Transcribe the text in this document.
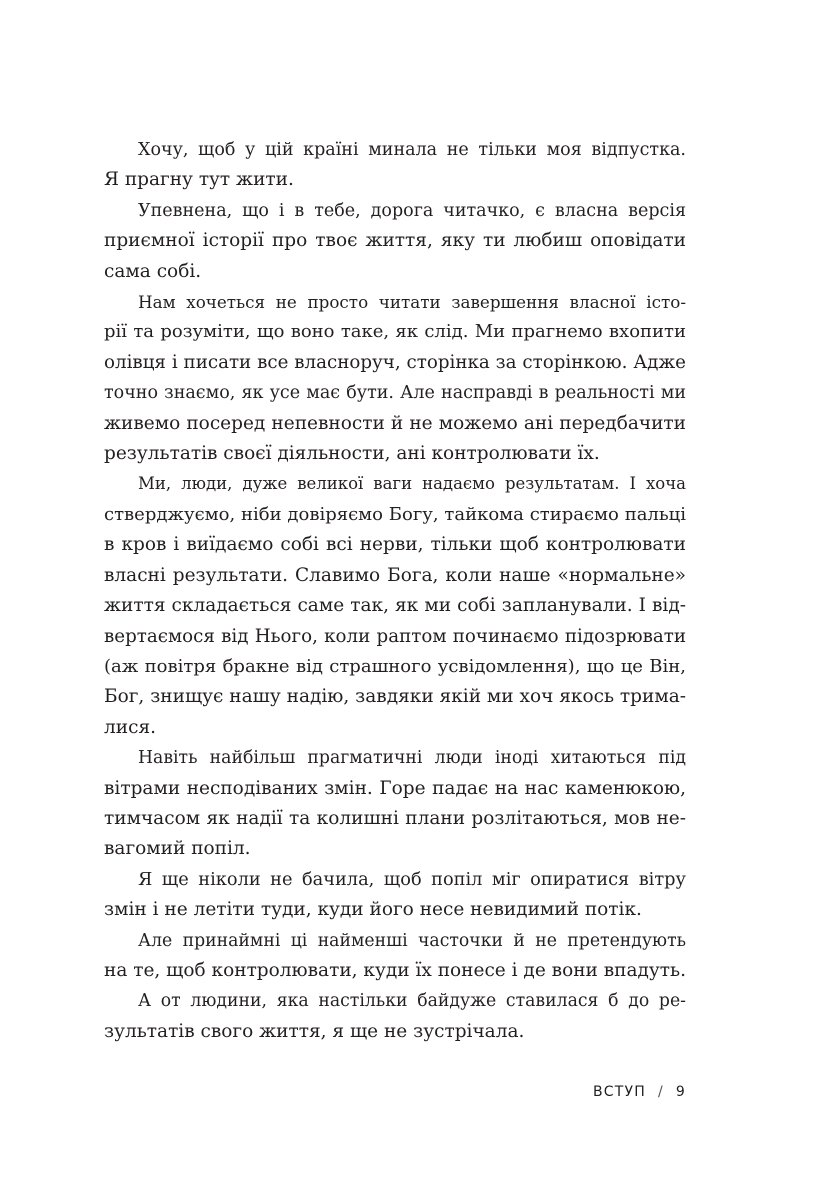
Хочу, щоб у цій країні минала не тільки моя відпустка.
Я прагну тут жити.
Упевнена, що і в тебе, дорога читачко, є власна версія
приємної історії про твоє життя, яку ти любиш оповідати
сама собі.
Нам хочеться не просто читати завершення власної істо-
рії та розуміти, що воно таке, як слід. Ми прагнемо вхопити
олівця і писати все власноруч, сторінка за сторінкою. Адже
точно знаємо, як усе має бути. Але насправді в реальності ми
живемо посеред непевности й не можемо ані передбачити
результатів своєї діяльности, ані контролювати їх.
Ми, люди, дуже великої ваги надаємо результатам. І хоча
стверджуємо, ніби довіряємо Богу, тайкома стираємо пальці
в кров і виїдаємо собі всі нерви, тільки щоб контролювати
власні результати. Славимо Бога, коли наше «нормальне»
життя складається саме так, як ми собі запланували. І від-
вертаємося від Нього, коли раптом починаємо підозрювати
(аж повітря бракне від страшного усвідомлення), що це Він,
Бог, знищує нашу надію, завдяки якій ми хоч якось трима-
лися.
Навіть найбільш прагматичні люди іноді хитаються під
вітрами несподіваних змін. Горе падає на нас каменюкою,
тимчасом як надії та колишні плани розлітаються, мов не-
вагомий попіл.
Я ще ніколи не бачила, щоб попіл міг опиратися вітру
змін і не летіти туди, куди його несе невидимий потік.
Але принаймні ці найменші часточки й не претендують
на те, щоб контролювати, куди їх понесе і де вони впадуть.
А от людини, яка настільки байдуже ставилася б до ре-
зультатів свого життя, я ще не зустрічала.
ВСТУП / 9
